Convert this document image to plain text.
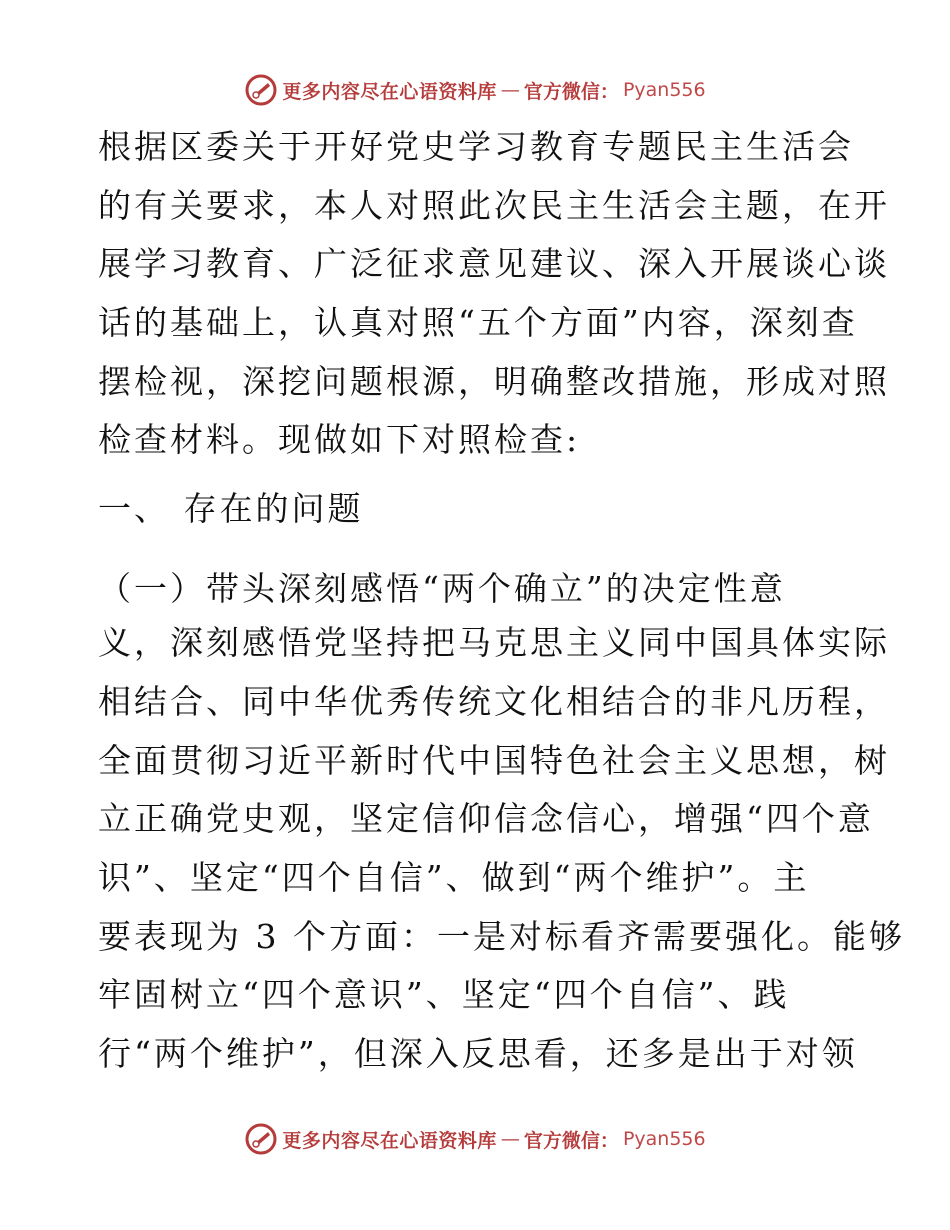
更多内容尽在心语资料库 — 官方微信： Pyan556
根据区委关于开好党史学习教育专题民主生活会
的有关要求，本人对照此次民主生活会主题，在开
展学习教育、广泛征求意见建议、深入开展谈心谈
话的基础上，认真对照“五个方面”内容，深刻查
摆检视，深挖问题根源，明确整改措施，形成对照
检查材料。现做如下对照检查:
一、 存在的问题
（一）带头深刻感悟“两个确立”的决定性意
义，深刻感悟党坚持把马克思主义同中国具体实际
相结合、同中华优秀传统文化相结合的非凡历程，
全面贯彻习近平新时代中国特色社会主义思想，树
立正确党史观，坚定信仰信念信心，增强“四个意
识”、坚定“四个自信”、做到“两个维护”。主
要表现为 3 个方面：一是对标看齐需要强化。能够
牢固树立“四个意识”、坚定“四个自信”、践
行“两个维护”，但深入反思看，还多是出于对领
更多内容尽在心语资料库 — 官方微信： Pyan556
